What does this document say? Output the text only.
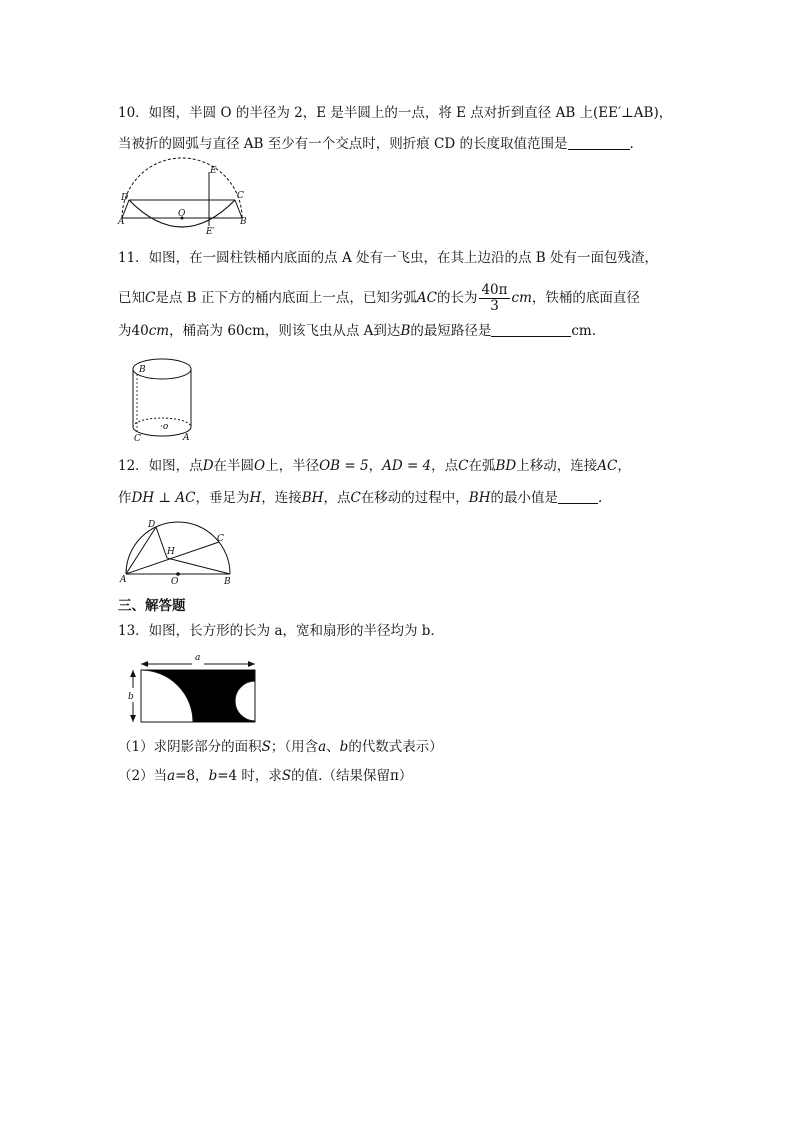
10．如图，半圆 O 的半径为 2，E 是半圆上的一点，将 E 点对折到直径 AB 上(EE′⊥AB)，
当被折的圆弧与直径 AB 至少有一个交点时，则折痕 CD 的长度取值范围是	.
D	C
E
A
O
B
E′
11．如图，在一圆柱铁桶内底面的点 A 处有一飞虫，在其上边沿的点 B 处有一面包残渣，
已知C是点 B 正下方的桶内底面上一点，已知劣弧AC的长为 $\frac{40\pi}{3}$ cm，铁桶的底面直径
为40cm，桶高为 60cm，则该飞虫从点 A到达B的最短路径是	cm.
B
C
·o
A
12．如图，点D在半圆O上，半径OB = 5，AD = 4，点C在弧BD上移动，连接AC，
作DH ⊥ AC，垂足为H，连接BH，点C在移动的过程中，BH的最小值是	.
D
C
H
A	O	B
三、解答题
13．如图，长方形的长为 a，宽和扇形的半径均为 b．
a
b
（1）求阴影部分的面积S；（用含a、b的代数式表示）
（2）当a=8，b=4 时，求S的值.（结果保留π）
